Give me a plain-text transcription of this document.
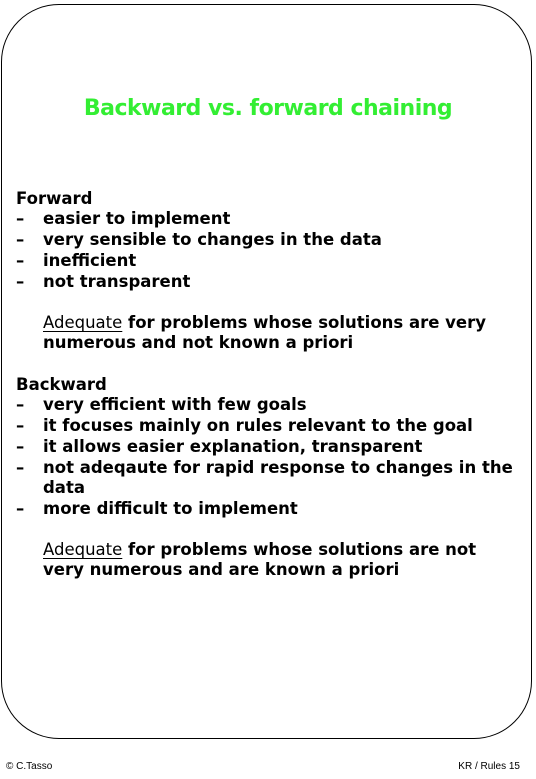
Backward vs. forward chaining
Forward
– easier to implement
– very sensible to changes in the data
– inefficient
– not transparent
Adequate for problems whose solutions are very numerous and not known a priori
Backward
– very efficient with few goals
– it focuses mainly on rules relevant to the goal
– it allows easier explanation, transparent
– not adeqaute for rapid response to changes in the data
– more difficult to implement
Adequate for problems whose solutions are not very numerous and are known a priori
© C.Tasso	KR / Rules 15
